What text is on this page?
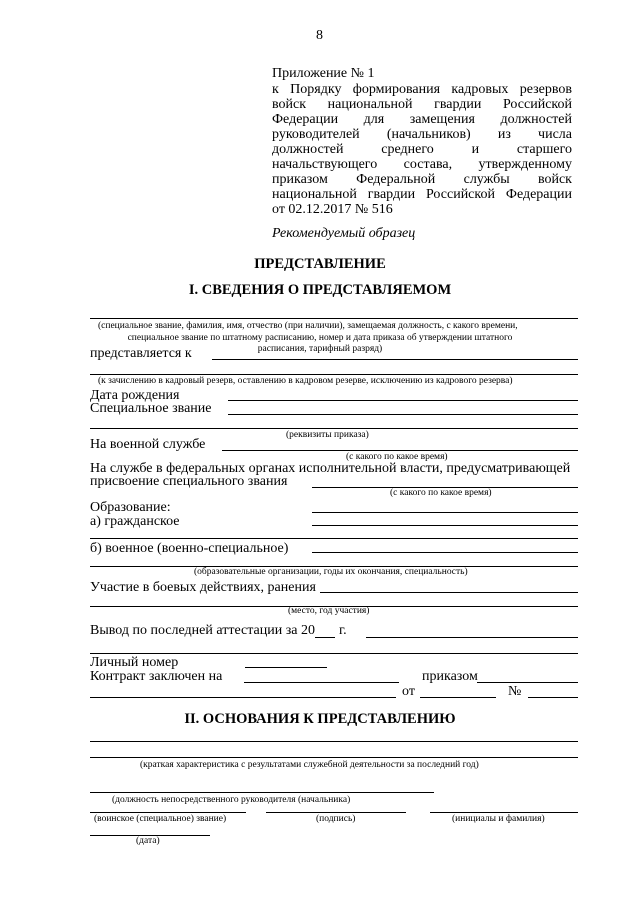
8
Приложение № 1
к Порядку формирования кадровых резервов
войск национальной гвардии Российской
Федерации для замещения должностей
руководителей (начальников) из числа
должностей среднего и старшего
начальствующего состава, утвержденному
приказом Федеральной службы войск
национальной гвардии Российской Федерации
от 02.12.2017 № 516
Рекомендуемый образец
ПРЕДСТАВЛЕНИЕ
I. СВЕДЕНИЯ О ПРЕДСТАВЛЯЕМОМ
(специальное звание, фамилия, имя, отчество (при наличии), замещаемая должность, с какого времени,
специальное звание по штатному расписанию, номер и дата приказа об утверждении штатного
расписания, тарифный разряд)
представляется к
(к зачислению в кадровый резерв, оставлению в кадровом резерве, исключению из кадрового резерва)
Дата рождения
Специальное звание
(реквизиты приказа)
На военной службе
(с какого по какое время)
На службе в федеральных органах исполнительной власти, предусматривающей
присвоение специального звания
(с какого по какое время)
Образование:
а) гражданское
б) военное (военно-специальное)
(образовательные организации, годы их окончания, специальность)
Участие в боевых действиях, ранения
(место, год участия)
Вывод по последней аттестации за 20 г.
Личный номер
Контракт заключен на	приказом
от	№
II. ОСНОВАНИЯ К ПРЕДСТАВЛЕНИЮ
(краткая характеристика с результатами служебной деятельности за последний год)
(должность непосредственного руководителя (начальника)
(воинское (специальное) звание)	(подпись)	(инициалы и фамилия)
(дата)
